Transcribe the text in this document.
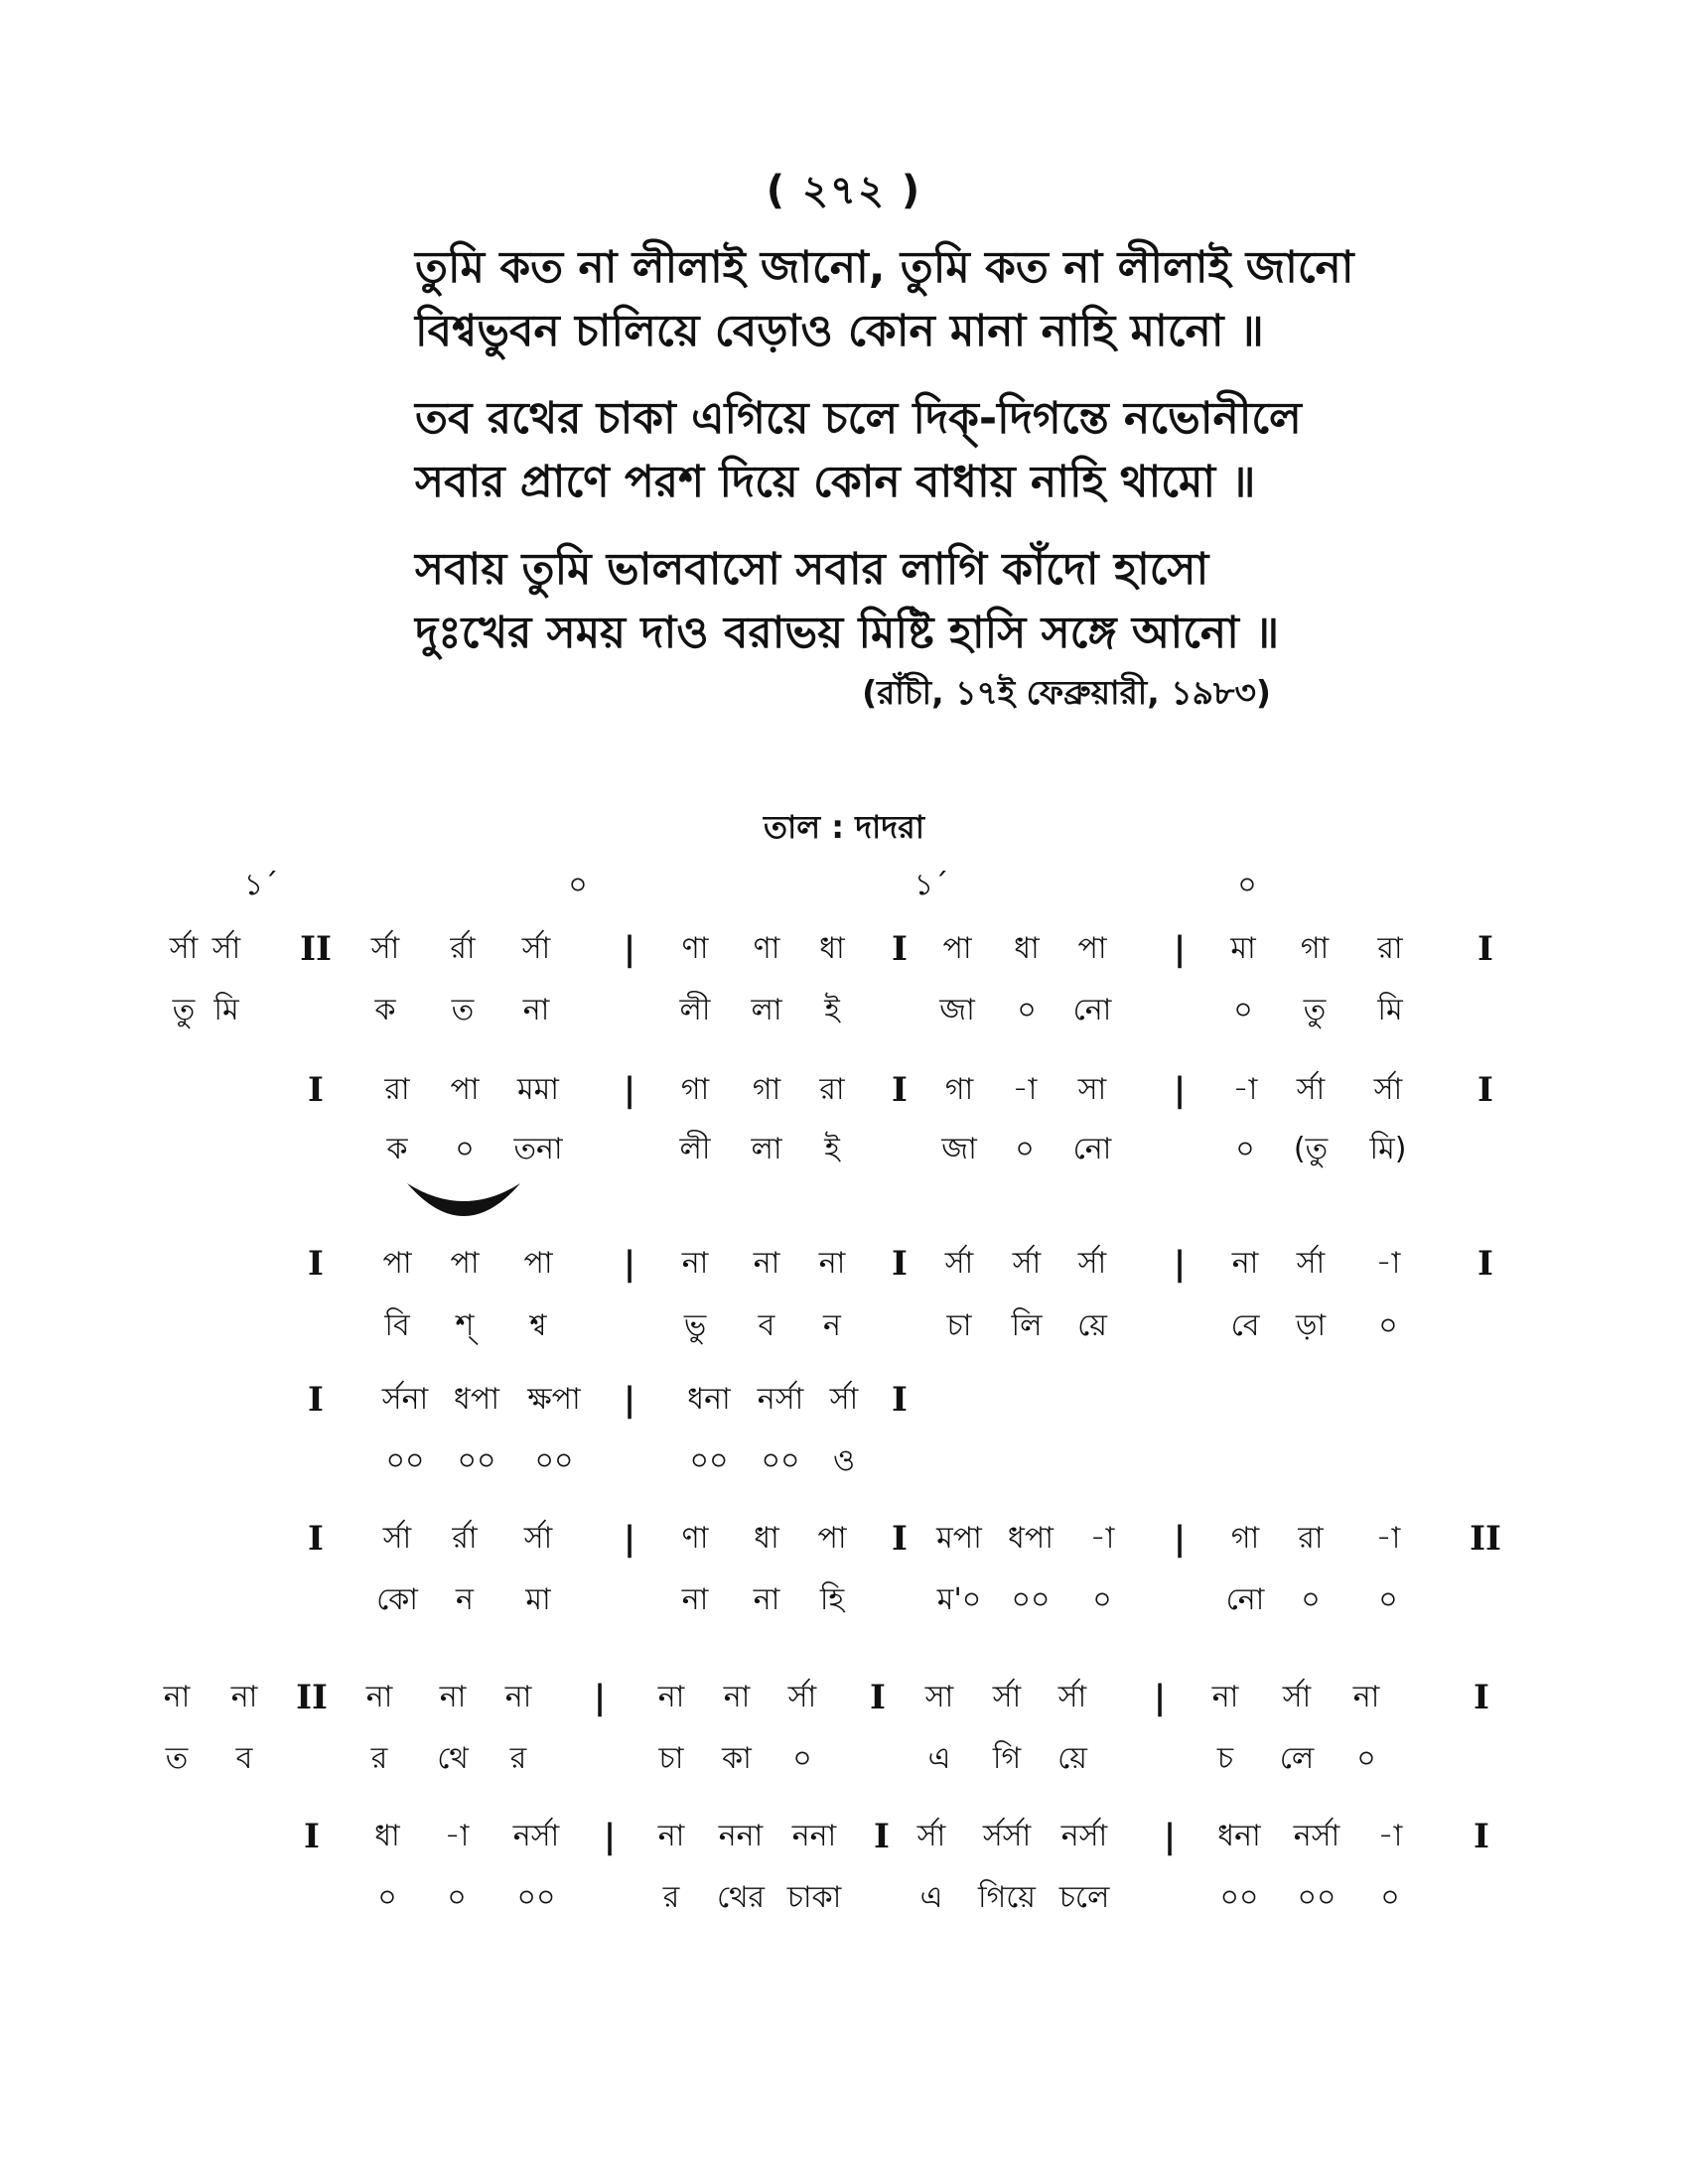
( ২৭২ )
তুমি কত না লীলাই জানো, তুমি কত না লীলাই জানো
বিশ্বভুবন চালিয়ে বেড়াও কোন মানা নাহি মানো ॥
তব রথের চাকা এগিয়ে চলে দিক্-দিগন্তে নভোনীলে
সবার প্রাণে পরশ দিয়ে কোন বাধায় নাহি থামো ॥
সবায় তুমি ভালবাসো সবার লাগি কাঁদো হাসো
দুঃখের সময় দাও বরাভয় মিষ্টি হাসি সঙ্গে আনো ॥
(রাঁচী, ১৭ই ফেব্রুয়ারী, ১৯৮৩)
তাল : দাদরা
১´	০	১´	০
র্সা র্সা II র্সা র্রা র্সা | ণা ণা ধা I পা ধা পা | মা গা রা I
তু মি	ক ত না	লী লা ই	জা ০ নো	০ তু মি
I রা পা মমা | গা গা রা I গা -া সা | -া র্সা র্সা I
ক ০ তনা	লী লা ই	জা ০ নো	০ (তু মি)
I পা পা পা | না না না I র্সা র্সা র্সা | না র্সা -া I
বি শ্ শ্ব	ভু ব ন	চা লি য়ে	বে ড়া ০
I র্সনা ধপা ক্ষপা | ধনা নর্সা র্সা I
০০ ০০ ০০	০০ ০০ ও
I র্সা র্রা র্সা | ণা ধা পা I মপা ধপা -া | গা রা -া II
কো ন মা	না না হি	ম'০ ০০ ০	নো ০ ০
না না II না না না | না না র্সা I সা র্সা র্সা | না র্সা না	I
ত ব	র থে র	চা কা ০	এ গি য়ে	চ লে ০
I ধা -া নর্সা | না ননা ননা I র্সা র্সর্সা নর্সা | ধনা নর্সা -া I
০ ০ ০০	র থের চাকা	এ গিয়ে চলে	০০ ০০ ০
